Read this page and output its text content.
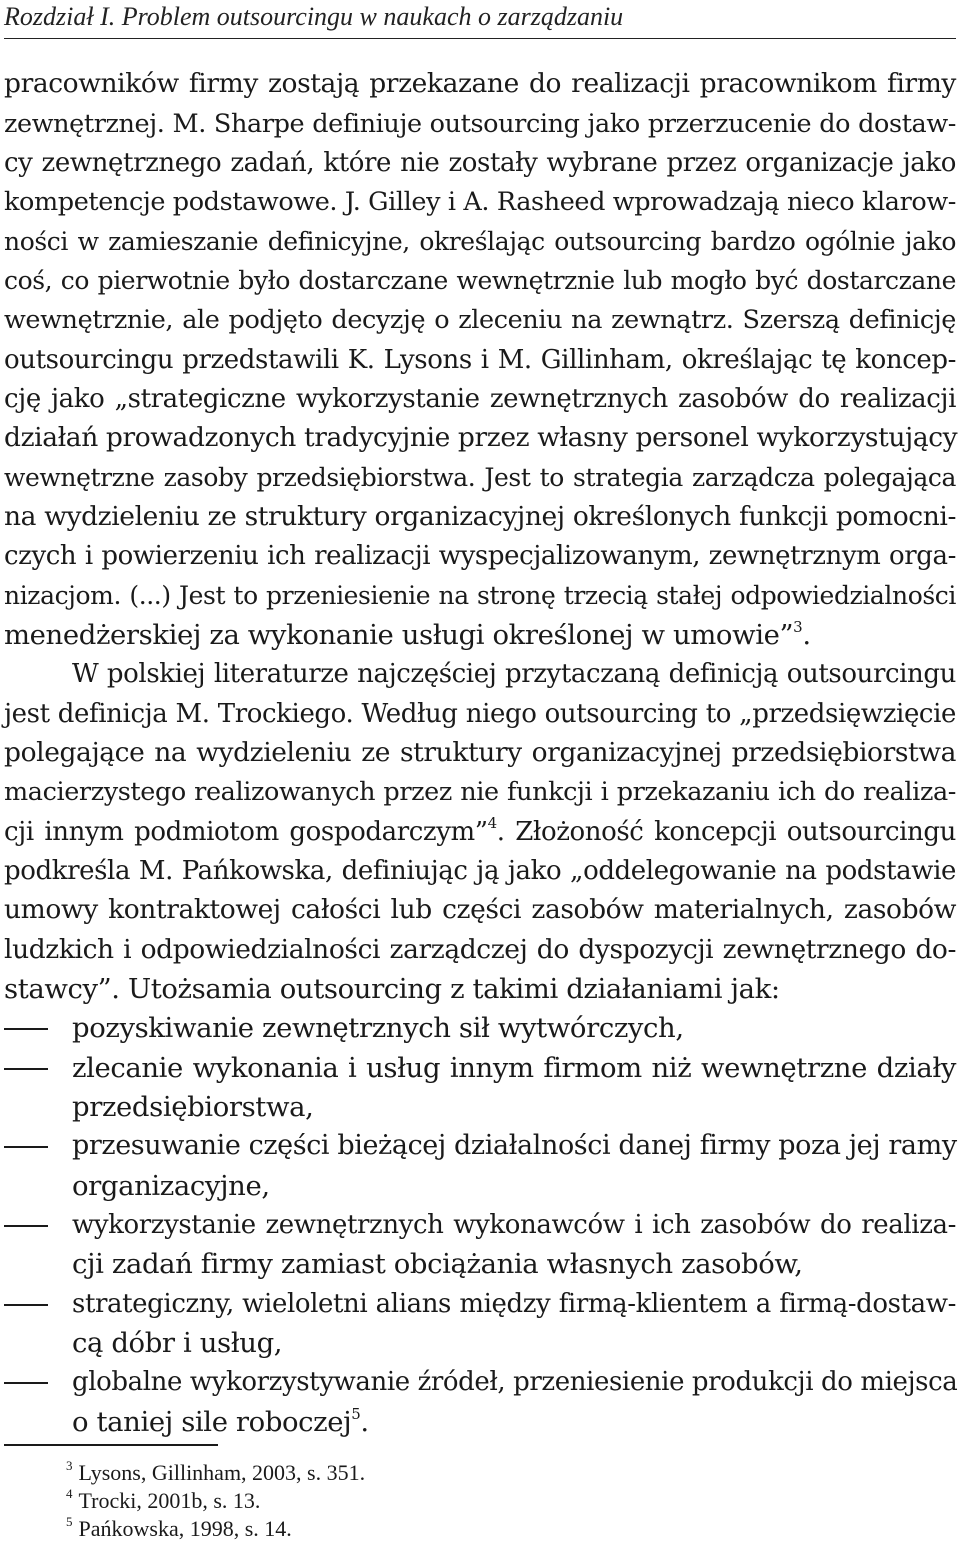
Rozdział I. Problem outsourcingu w naukach o zarządzaniu
pracowników firmy zostają przekazane do realizacji pracownikom firmy
zewnętrznej. M. Sharpe definiuje outsourcing jako przerzucenie do dostaw-
cy zewnętrznego zadań, które nie zostały wybrane przez organizacje jako
kompetencje podstawowe. J. Gilley i A. Rasheed wprowadzają nieco klarow-
ności w zamieszanie definicyjne, określając outsourcing bardzo ogólnie jako
coś, co pierwotnie było dostarczane wewnętrznie lub mogło być dostarczane
wewnętrznie, ale podjęto decyzję o zleceniu na zewnątrz. Szerszą definicję
outsourcingu przedstawili K. Lysons i M. Gillinham, określając tę koncep-
cję jako „strategiczne wykorzystanie zewnętrznych zasobów do realizacji
działań prowadzonych tradycyjnie przez własny personel wykorzystujący
wewnętrzne zasoby przedsiębiorstwa. Jest to strategia zarządcza polegająca
na wydzieleniu ze struktury organizacyjnej określonych funkcji pomocni-
czych i powierzeniu ich realizacji wyspecjalizowanym, zewnętrznym orga-
nizacjom. (...) Jest to przeniesienie na stronę trzecią stałej odpowiedzialności
menedżerskiej za wykonanie usługi określonej w umowie”$^3$.
W polskiej literaturze najczęściej przytaczaną definicją outsourcingu
jest definicja M. Trockiego. Według niego outsourcing to „przedsięwzięcie
polegające na wydzieleniu ze struktury organizacyjnej przedsiębiorstwa
macierzystego realizowanych przez nie funkcji i przekazaniu ich do realiza-
cji innym podmiotom gospodarczym”$^4$. Złożoność koncepcji outsourcingu
podkreśla M. Pańkowska, definiując ją jako „oddelegowanie na podstawie
umowy kontraktowej całości lub części zasobów materialnych, zasobów
ludzkich i odpowiedzialności zarządczej do dyspozycji zewnętrznego do-
stawcy”. Utożsamia outsourcing z takimi działaniami jak:
pozyskiwanie zewnętrznych sił wytwórczych,
zlecanie wykonania i usług innym firmom niż wewnętrzne działy
przedsiębiorstwa,
przesuwanie części bieżącej działalności danej firmy poza jej ramy
organizacyjne,
wykorzystanie zewnętrznych wykonawców i ich zasobów do realiza-
cji zadań firmy zamiast obciążania własnych zasobów,
strategiczny, wieloletni alians między firmą-klientem a firmą-dostaw-
cą dóbr i usług,
globalne wykorzystywanie źródeł, przeniesienie produkcji do miejsca
o taniej sile roboczej$^5$.
$^3$ Lysons, Gillinham, 2003, s. 351.
$^4$ Trocki, 2001b, s. 13.
$^5$ Pańkowska, 1998, s. 14.
